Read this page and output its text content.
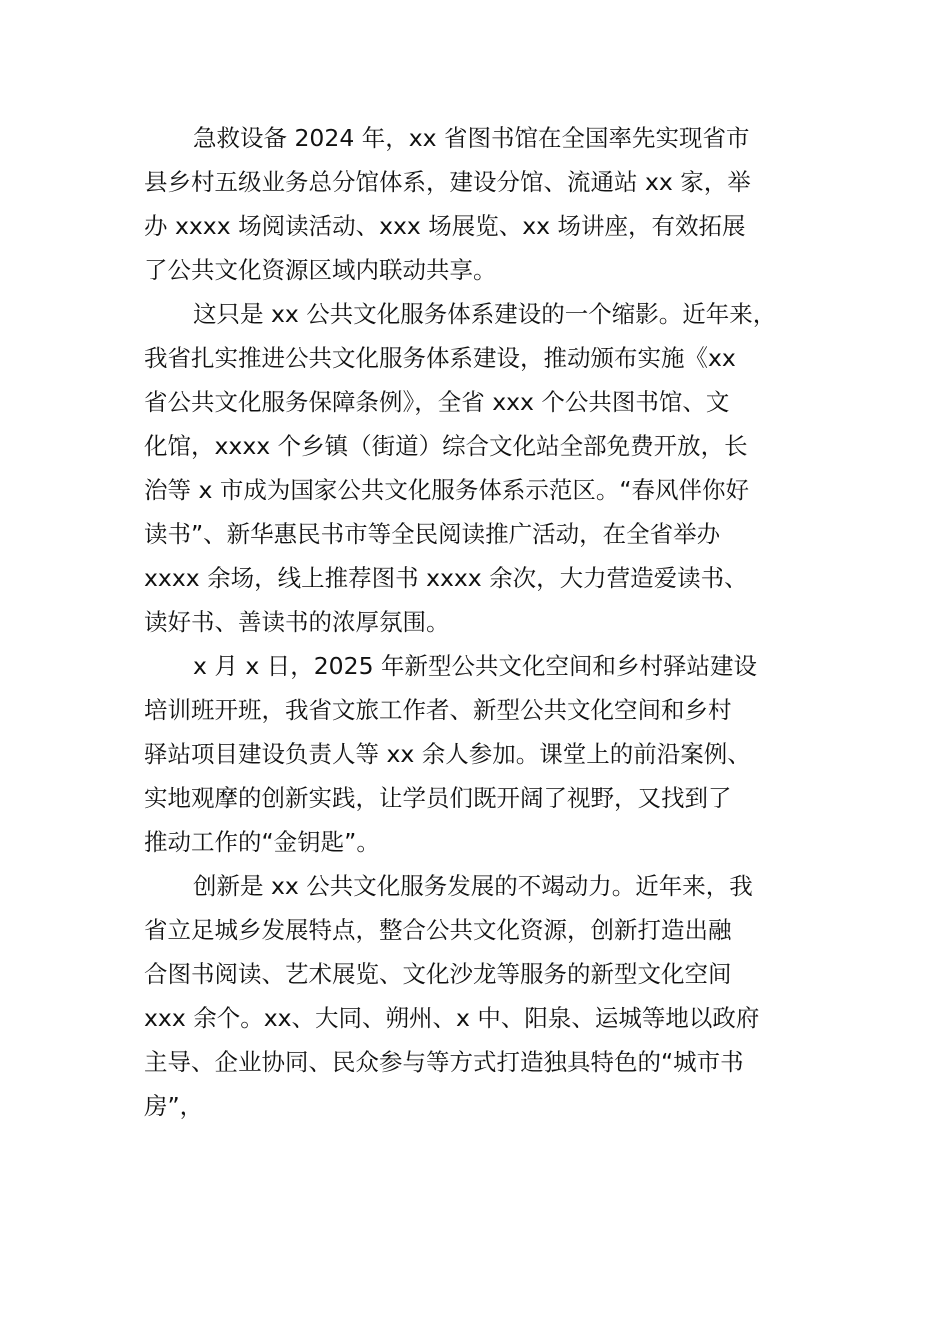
急救设备 2024 年，xx 省图书馆在全国率先实现省市
县乡村五级业务总分馆体系，建设分馆、流通站 xx 家，举
办 xxxx 场阅读活动、xxx 场展览、xx 场讲座，有效拓展
了公共文化资源区域内联动共享。
这只是 xx 公共文化服务体系建设的一个缩影。近年来，
我省扎实推进公共文化服务体系建设，推动颁布实施《xx
省公共文化服务保障条例》，全省 xxx 个公共图书馆、文
化馆，xxxx 个乡镇（街道）综合文化站全部免费开放，长
治等 x 市成为国家公共文化服务体系示范区。“春风伴你好
读书”、新华惠民书市等全民阅读推广活动，在全省举办
xxxx 余场，线上推荐图书 xxxx 余次，大力营造爱读书、
读好书、善读书的浓厚氛围。
x 月 x 日，2025 年新型公共文化空间和乡村驿站建设
培训班开班，我省文旅工作者、新型公共文化空间和乡村
驿站项目建设负责人等 xx 余人参加。课堂上的前沿案例、
实地观摩的创新实践，让学员们既开阔了视野，又找到了
推动工作的“金钥匙”。
创新是 xx 公共文化服务发展的不竭动力。近年来，我
省立足城乡发展特点，整合公共文化资源，创新打造出融
合图书阅读、艺术展览、文化沙龙等服务的新型文化空间
xxx 余个。xx、大同、朔州、x 中、阳泉、运城等地以政府
主导、企业协同、民众参与等方式打造独具特色的“城市书
房”，
